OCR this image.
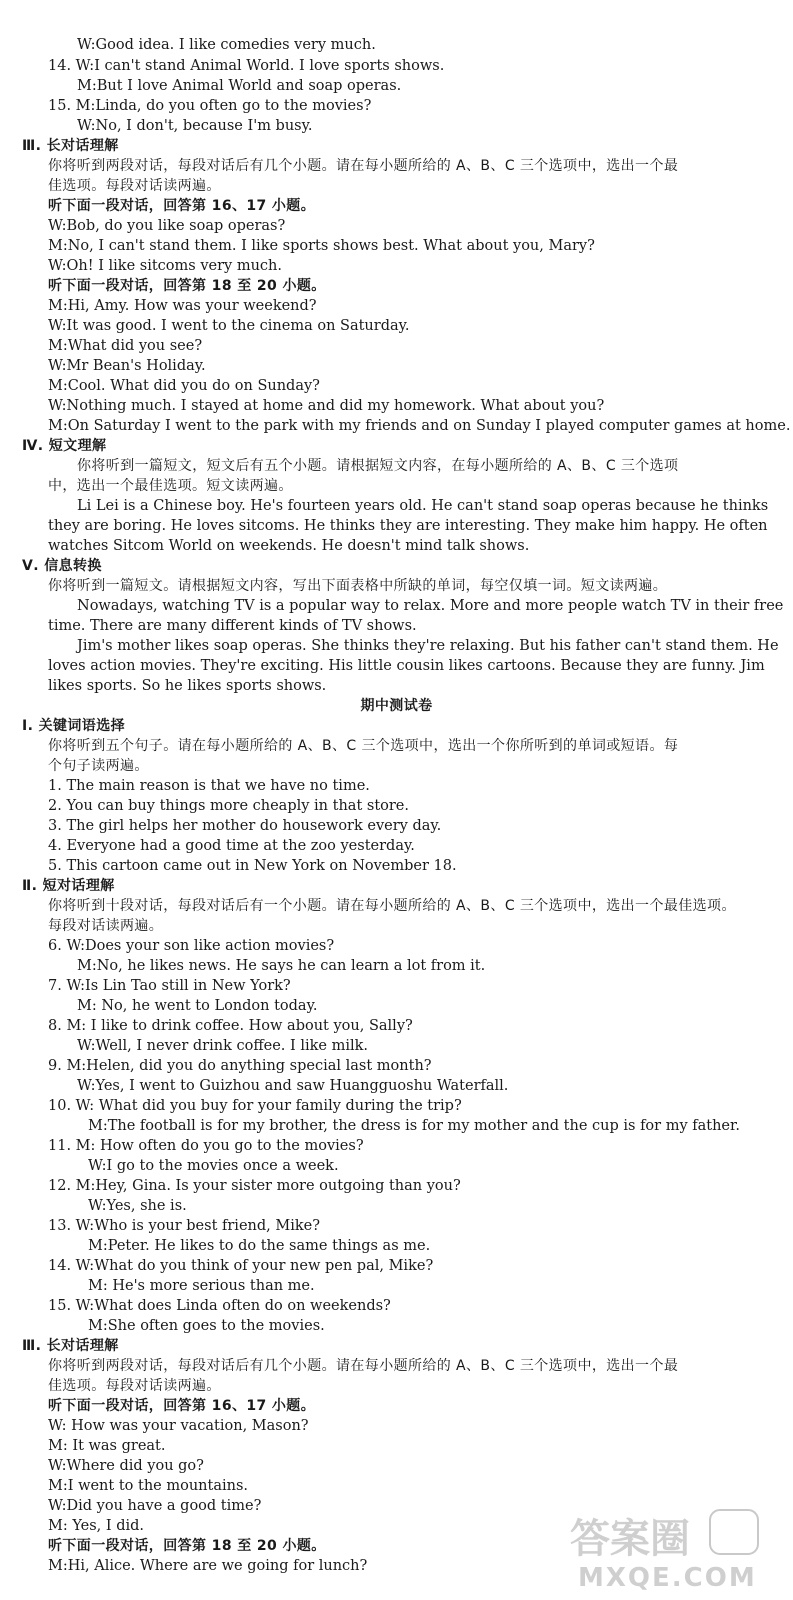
W:Good idea. I like comedies very much.
14. W:I can't stand Animal World. I love sports shows.
M:But I love Animal World and soap operas.
15. M:Linda, do you often go to the movies?
W:No, I don't, because I'm busy.
Ⅲ. 长对话理解
你将听到两段对话，每段对话后有几个小题。请在每小题所给的 A、B、C 三个选项中，选出一个最
佳选项。每段对话读两遍。
听下面一段对话，回答第 16、17 小题。
W:Bob, do you like soap operas?
M:No, I can't stand them. I like sports shows best. What about you, Mary?
W:Oh! I like sitcoms very much.
听下面一段对话，回答第 18 至 20 小题。
M:Hi, Amy. How was your weekend?
W:It was good. I went to the cinema on Saturday.
M:What did you see?
W:Mr Bean's Holiday.
M:Cool. What did you do on Sunday?
W:Nothing much. I stayed at home and did my homework. What about you?
M:On Saturday I went to the park with my friends and on Sunday I played computer games at home.
Ⅳ. 短文理解
你将听到一篇短文，短文后有五个小题。请根据短文内容，在每小题所给的 A、B、C 三个选项
中，选出一个最佳选项。短文读两遍。
Li Lei is a Chinese boy. He's fourteen years old. He can't stand soap operas because he thinks
they are boring. He loves sitcoms. He thinks they are interesting. They make him happy. He often
watches Sitcom World on weekends. He doesn't mind talk shows.
Ⅴ. 信息转换
你将听到一篇短文。请根据短文内容，写出下面表格中所缺的单词，每空仅填一词。短文读两遍。
Nowadays, watching TV is a popular way to relax. More and more people watch TV in their free
time. There are many different kinds of TV shows.
Jim's mother likes soap operas. She thinks they're relaxing. But his father can't stand them. He
loves action movies. They're exciting. His little cousin likes cartoons. Because they are funny. Jim
likes sports. So he likes sports shows.
期中测试卷
Ⅰ. 关键词语选择
你将听到五个句子。请在每小题所给的 A、B、C 三个选项中，选出一个你所听到的单词或短语。每
个句子读两遍。
1. The main reason is that we have no time.
2. You can buy things more cheaply in that store.
3. The girl helps her mother do housework every day.
4. Everyone had a good time at the zoo yesterday.
5. This cartoon came out in New York on November 18.
Ⅱ. 短对话理解
你将听到十段对话，每段对话后有一个小题。请在每小题所给的 A、B、C 三个选项中，选出一个最佳选项。
每段对话读两遍。
6. W:Does your son like action movies?
M:No, he likes news. He says he can learn a lot from it.
7. W:Is Lin Tao still in New York?
M: No, he went to London today.
8. M: I like to drink coffee. How about you, Sally?
W:Well, I never drink coffee. I like milk.
9. M:Helen, did you do anything special last month?
W:Yes, I went to Guizhou and saw Huangguoshu Waterfall.
10. W: What did you buy for your family during the trip?
M:The football is for my brother, the dress is for my mother and the cup is for my father.
11. M: How often do you go to the movies?
W:I go to the movies once a week.
12. M:Hey, Gina. Is your sister more outgoing than you?
W:Yes, she is.
13. W:Who is your best friend, Mike?
M:Peter. He likes to do the same things as me.
14. W:What do you think of your new pen pal, Mike?
M: He's more serious than me.
15. W:What does Linda often do on weekends?
M:She often goes to the movies.
Ⅲ. 长对话理解
你将听到两段对话，每段对话后有几个小题。请在每小题所给的 A、B、C 三个选项中，选出一个最
佳选项。每段对话读两遍。
听下面一段对话，回答第 16、17 小题。
W: How was your vacation, Mason?
M: It was great.
W:Where did you go?
M:I went to the mountains.
W:Did you have a good time?
M: Yes, I did.
听下面一段对话，回答第 18 至 20 小题。
M:Hi, Alice. Where are we going for lunch?
答案圈
MXQE.COM
